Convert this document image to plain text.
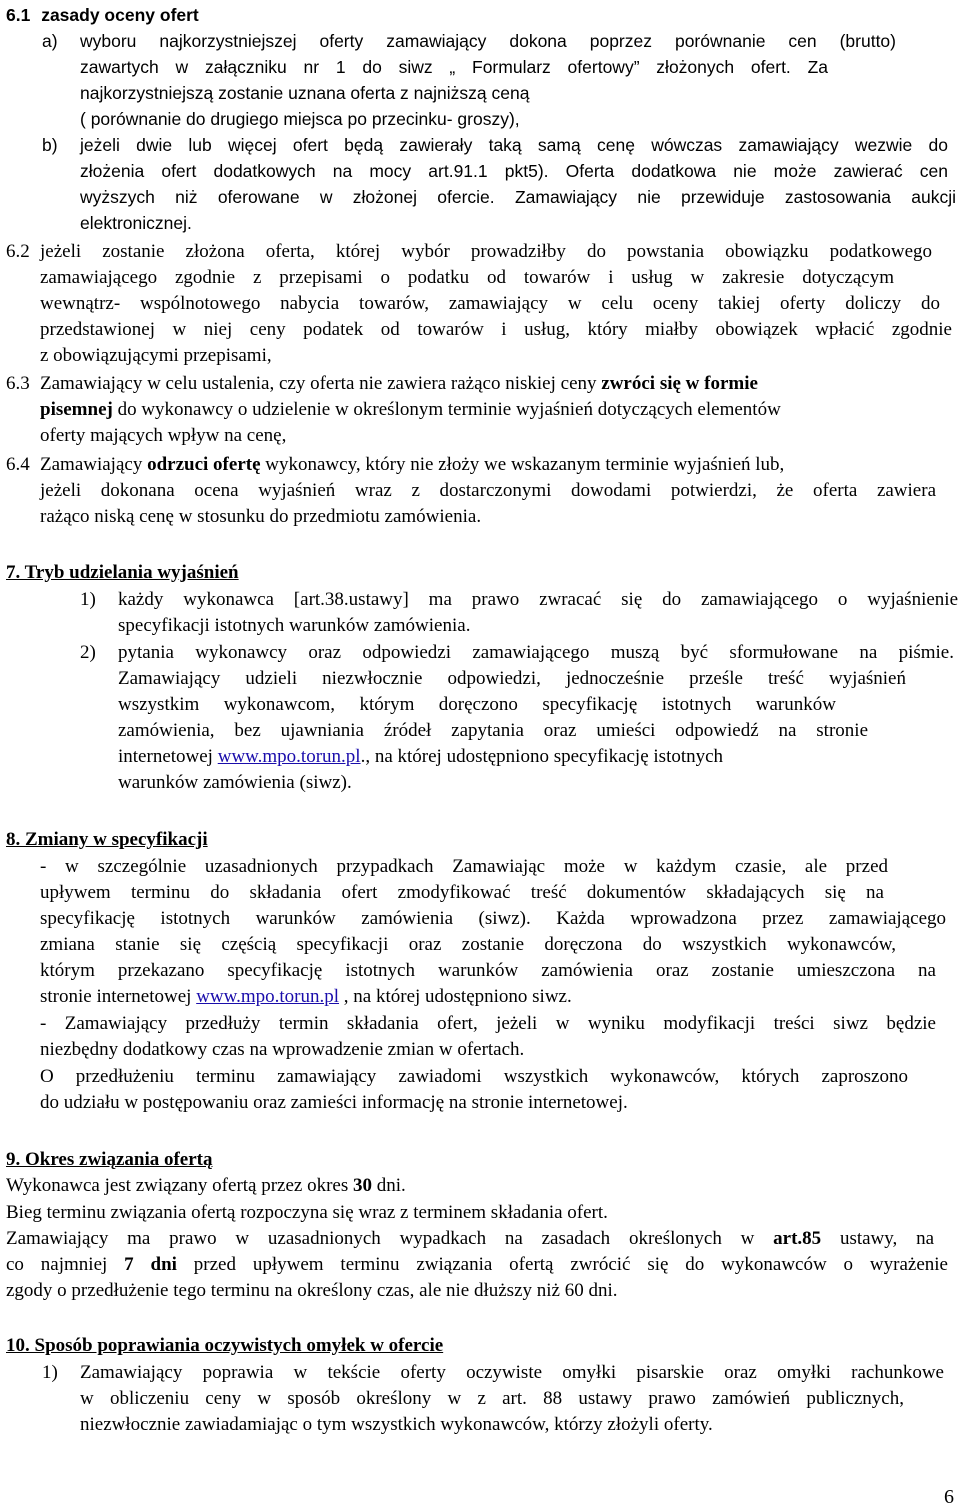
6.1 zasady oceny ofert
a) wyboru najkorzystniejszej oferty zamawiający dokona poprzez porównanie cen (brutto)
zawartych w załączniku nr 1 do siwz „ Formularz ofertowy” złożonych ofert. Za
najkorzystniejszą zostanie uznana oferta z najniższą ceną
( porównanie do drugiego miejsca po przecinku- groszy),
b) jeżeli dwie lub więcej ofert będą zawierały taką samą cenę wówczas zamawiający wezwie do
złożenia ofert dodatkowych na mocy art.91.1 pkt5). Oferta dodatkowa nie może zawierać cen
wyższych niż oferowane w złożonej ofercie. Zamawiający nie przewiduje zastosowania aukcji
elektronicznej.
6.2 jeżeli zostanie złożona oferta, której wybór prowadziłby do powstania obowiązku podatkowego
zamawiającego zgodnie z przepisami o podatku od towarów i usług w zakresie dotyczącym
wewnątrz- wspólnotowego nabycia towarów, zamawiający w celu oceny takiej oferty doliczy do
przedstawionej w niej ceny podatek od towarów i usług, który miałby obowiązek wpłacić zgodnie
z obowiązującymi przepisami,
6.3 Zamawiający w celu ustalenia, czy oferta nie zawiera rażąco niskiej ceny zwróci się w formie
pisemnej do wykonawcy o udzielenie w określonym terminie wyjaśnień dotyczących elementów
oferty mających wpływ na cenę,
6.4 Zamawiający odrzuci ofertę wykonawcy, który nie złoży we wskazanym terminie wyjaśnień lub,
jeżeli dokonana ocena wyjaśnień wraz z dostarczonymi dowodami potwierdzi, że oferta zawiera
rażąco niską cenę w stosunku do przedmiotu zamówienia.
7. Tryb udzielania wyjaśnień
1) każdy wykonawca [art.38.ustawy] ma prawo zwracać się do zamawiającego o wyjaśnienie
specyfikacji istotnych warunków zamówienia.
2) pytania wykonawcy oraz odpowiedzi zamawiającego muszą być sformułowane na piśmie.
Zamawiający udzieli niezwłocznie odpowiedzi, jednocześnie prześle treść wyjaśnień
wszystkim wykonawcom, którym doręczono specyfikację istotnych warunków
zamówienia, bez ujawniania źródeł zapytania oraz umieści odpowiedź na stronie
internetowej www.mpo.torun.pl., na której udostępniono specyfikację istotnych
warunków zamówienia (siwz).
8. Zmiany w specyfikacji
- w szczególnie uzasadnionych przypadkach Zamawiając może w każdym czasie, ale przed
upływem terminu do składania ofert zmodyfikować treść dokumentów składających się na
specyfikację istotnych warunków zamówienia (siwz). Każda wprowadzona przez zamawiającego
zmiana stanie się częścią specyfikacji oraz zostanie doręczona do wszystkich wykonawców,
którym przekazano specyfikację istotnych warunków zamówienia oraz zostanie umieszczona na
stronie internetowej www.mpo.torun.pl , na której udostępniono siwz.
- Zamawiający przedłuży termin składania ofert, jeżeli w wyniku modyfikacji treści siwz będzie
niezbędny dodatkowy czas na wprowadzenie zmian w ofertach.
O przedłużeniu terminu zamawiający zawiadomi wszystkich wykonawców, których zaproszono
do udziału w postępowaniu oraz zamieści informację na stronie internetowej.
9. Okres związania ofertą
Wykonawca jest związany ofertą przez okres 30 dni.
Bieg terminu związania ofertą rozpoczyna się wraz z terminem składania ofert.
Zamawiający ma prawo w uzasadnionych wypadkach na zasadach określonych w art.85 ustawy, na
co najmniej 7 dni przed upływem terminu związania ofertą zwrócić się do wykonawców o wyrażenie
zgody o przedłużenie tego terminu na określony czas, ale nie dłuższy niż 60 dni.
10. Sposób poprawiania oczywistych omyłek w ofercie
1) Zamawiający poprawia w tekście oferty oczywiste omyłki pisarskie oraz omyłki rachunkowe
w obliczeniu ceny w sposób określony w z art. 88 ustawy prawo zamówień publicznych,
niezwłocznie zawiadamiając o tym wszystkich wykonawców, którzy złożyli oferty.
6
